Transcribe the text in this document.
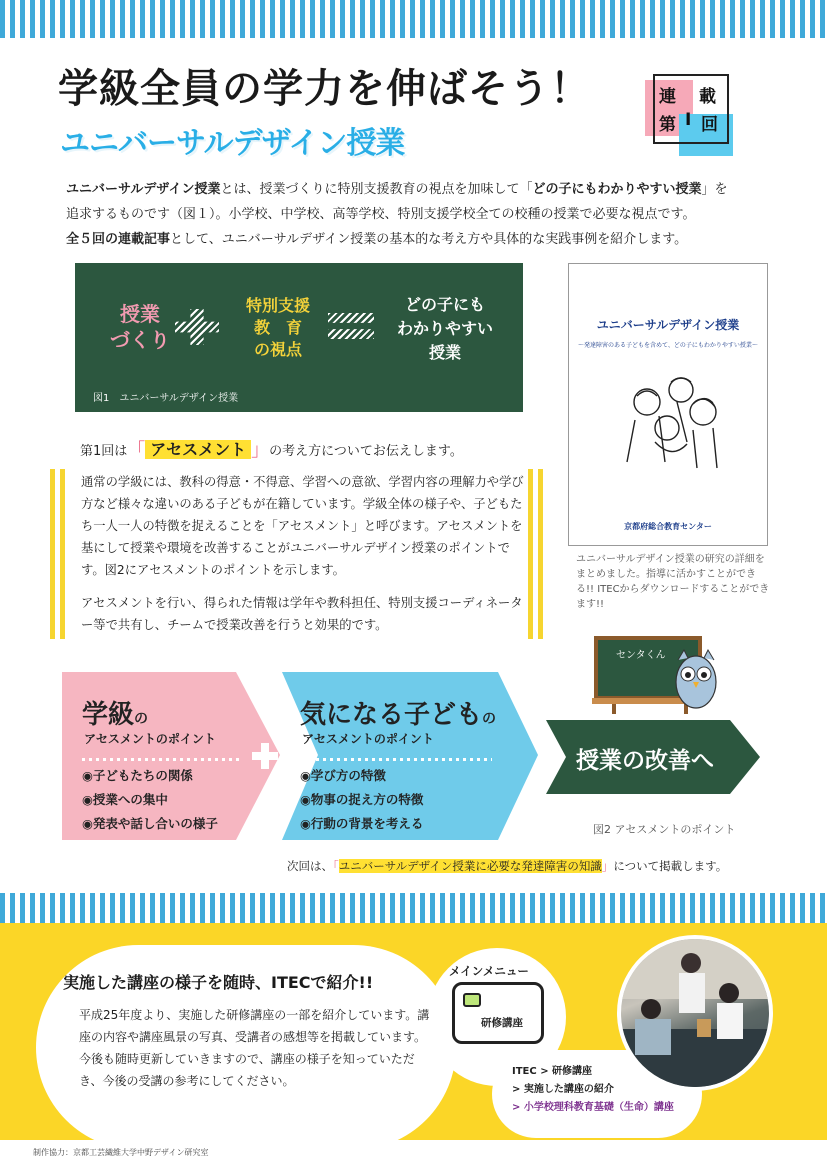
学級全員の学力を伸ばそう！
ユニバーサルデザイン授業
連 載
第 Ⅰ 回
ユニバーサルデザイン授業とは、授業づくりに特別支援教育の視点を加味して「どの子にもわかりやすい授業」を
追求するものです（図１）。小学校、中学校、高等学校、特別支援学校全ての校種の授業で必要な視点です。
全５回の連載記事として、ユニバーサルデザイン授業の基本的な考え方や具体的な実践事例を紹介します。
授業
づくり
特別支援
教　育
の視点
どの子にも
わかりやすい
授業
図1　ユニバーサルデザイン授業
ユニバーサルデザイン授業
～発達障害のある子どもを含めて、どの子にもわかりやすい授業～
京都府総合教育センター
ユニバーサルデザイン授業の研究の詳細をまとめました。指導に活かすことができる!! ITECからダウンロードすることができます!!
第1回は「 アセスメント 」の考え方についてお伝えします。

通常の学級には、教科の得意・不得意、学習への意欲、学習内容の理解力や学び方など様々な違いのある子どもが在籍しています。学級全体の様子や、子どもたち一人一人の特徴を捉えることを「アセスメント」と呼びます。アセスメントを基にして授業や環境を改善することがユニバーサルデザイン授業のポイントです。図2にアセスメントのポイントを示します。

アセスメントを行い、得られた情報は学年や教科担任、特別支援コーディネーター等で共有し、チームで授業改善を行うと効果的です。

センタくん
学級の
アセスメントのポイント
◉子どもたちの関係
◉授業への集中
◉発表や話し合いの様子
気になる子どもの
アセスメントのポイント
◉学び方の特徴
◉物事の捉え方の特徴
◉行動の背景を考える
授業の改善へ
図2 アセスメントのポイント
次回は、「ユニバーサルデザイン授業に必要な発達障害の知識」について掲載します。
実施した講座の様子を随時、ITECで紹介!!
平成25年度より、実施した研修講座の一部を紹介しています。講座の内容や講座風景の写真、受講者の感想等を掲載しています。今後も随時更新していきますので、講座の様子を知っていただき、今後の受講の参考にしてください。
メインメニュー
研修講座
ITEC > 研修講座
> 実施した講座の紹介
> 小学校理科教育基礎（生命）講座
制作協力：京都工芸繊維大学中野デザイン研究室
